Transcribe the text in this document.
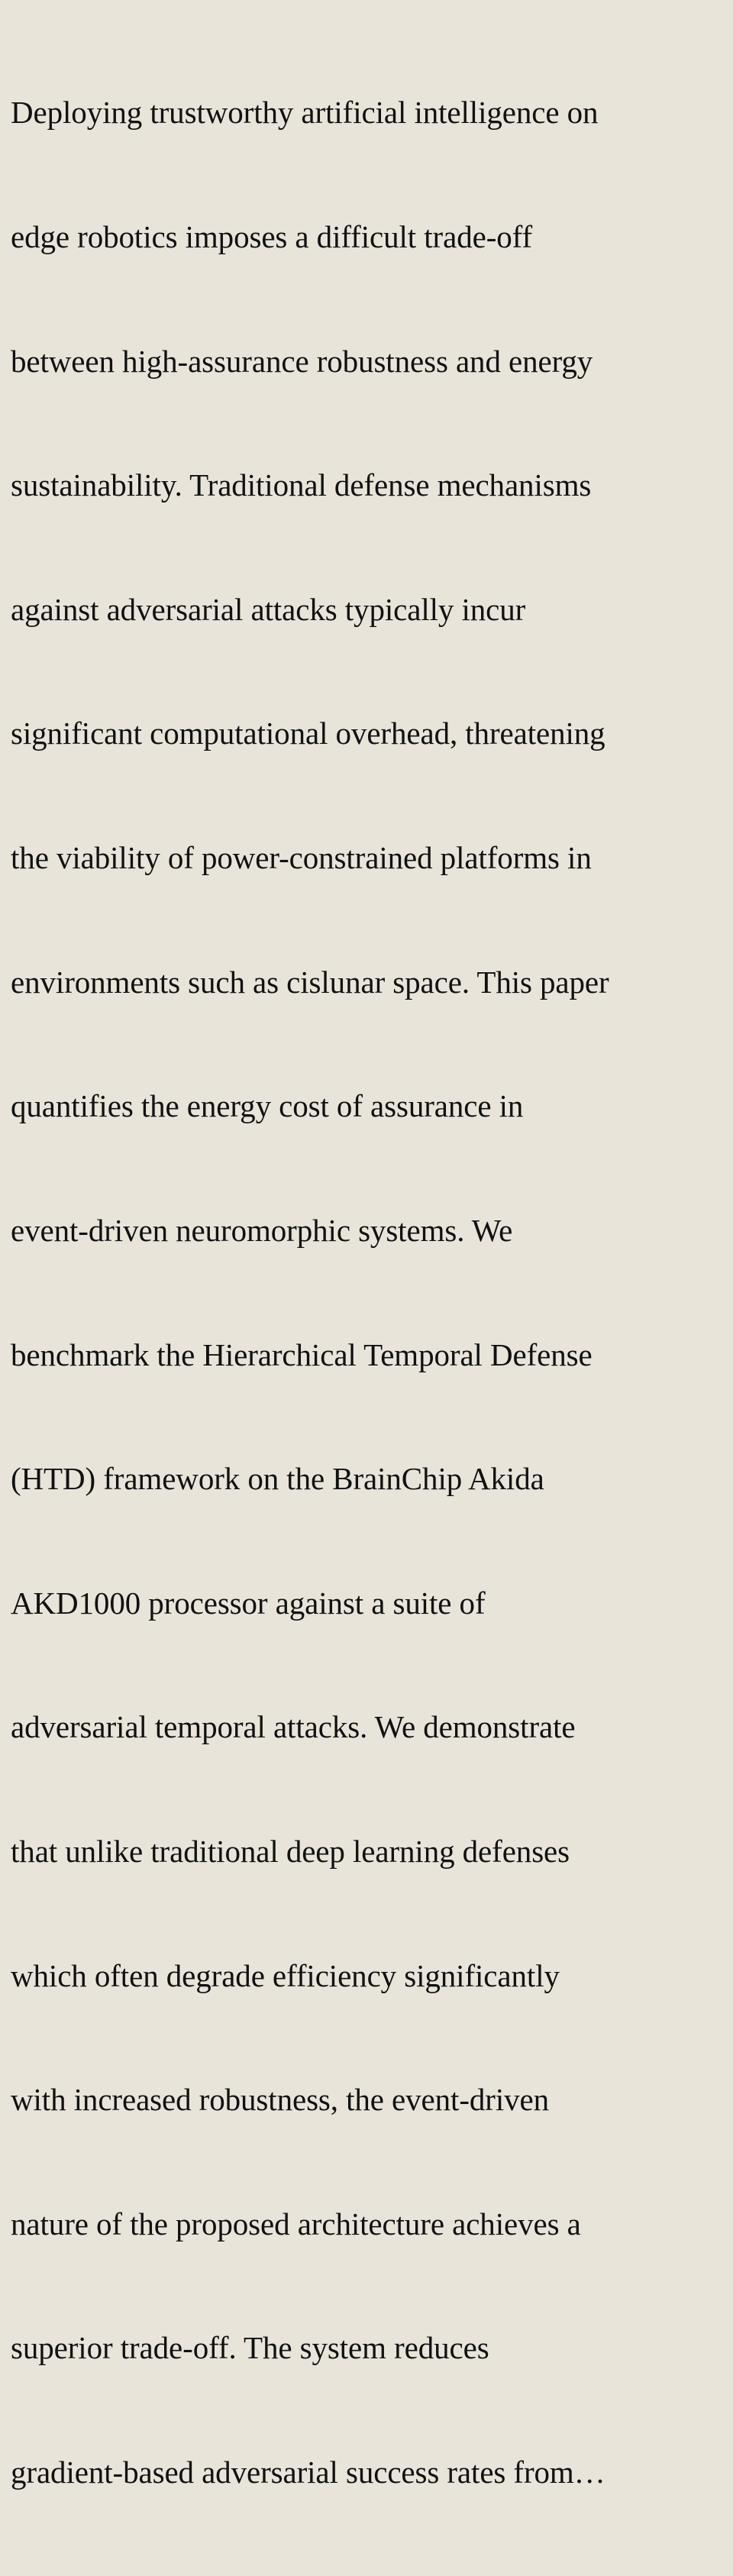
Deploying trustworthy artificial intelligence on

edge robotics imposes a difficult trade-off

between high-assurance robustness and energy

sustainability. Traditional defense mechanisms

against adversarial attacks typically incur

significant computational overhead, threatening

the viability of power-constrained platforms in

environments such as cislunar space. This paper

quantifies the energy cost of assurance in

event-driven neuromorphic systems. We

benchmark the Hierarchical Temporal Defense

(HTD) framework on the BrainChip Akida

AKD1000 processor against a suite of

adversarial temporal attacks. We demonstrate

that unlike traditional deep learning defenses

which often degrade efficiency significantly

with increased robustness, the event-driven

nature of the proposed architecture achieves a

superior trade-off. The system reduces

gradient-based adversarial success rates from…
